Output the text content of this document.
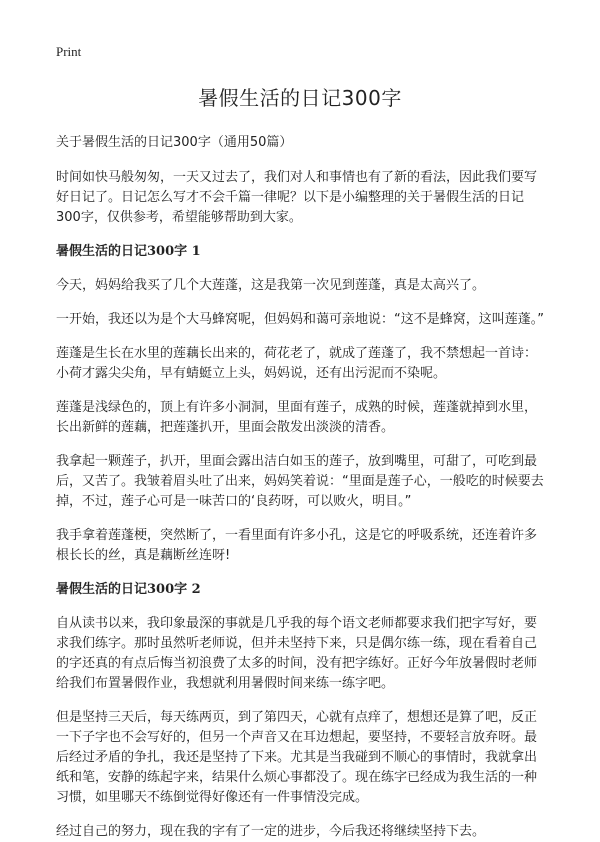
Print
暑假生活的日记300字
关于暑假生活的日记300字（通用50篇）

时间如快马般匆匆，一天又过去了，我们对人和事情也有了新的看法，因此我们要写好日记了。日记怎么写才不会千篇一律呢？以下是小编整理的关于暑假生活的日记300字，仅供参考，希望能够帮助到大家。

暑假生活的日记300字 1

今天，妈妈给我买了几个大莲蓬，这是我第一次见到莲蓬，真是太高兴了。

一开始，我还以为是个大马蜂窝呢，但妈妈和蔼可亲地说：“这不是蜂窝，这叫莲蓬。”

莲蓬是生长在水里的莲藕长出来的，荷花老了，就成了莲蓬了，我不禁想起一首诗：小荷才露尖尖角，早有蜻蜓立上头，妈妈说，还有出污泥而不染呢。

莲蓬是浅绿色的，顶上有许多小洞洞，里面有莲子，成熟的时候，莲蓬就掉到水里，长出新鲜的莲藕，把莲蓬扒开，里面会散发出淡淡的清香。

我拿起一颗莲子，扒开，里面会露出洁白如玉的莲子，放到嘴里，可甜了，可吃到最后，又苦了。我皱着眉头吐了出来，妈妈笑着说：“里面是莲子心，一般吃的时候要去掉，不过，莲子心可是一味苦口的‘良药呀，可以败火，明目。”

我手拿着莲蓬梗，突然断了，一看里面有许多小孔，这是它的呼吸系统，还连着许多根长长的丝，真是藕断丝连呀!

暑假生活的日记300字 2

自从读书以来，我印象最深的事就是几乎我的每个语文老师都要求我们把字写好，要求我们练字。那时虽然听老师说，但并未坚持下来，只是偶尔练一练，现在看着自己的字还真的有点后悔当初浪费了太多的时间，没有把字练好。正好今年放暑假时老师给我们布置暑假作业，我想就利用暑假时间来练一练字吧。

但是坚持三天后，每天练两页，到了第四天，心就有点痒了，想想还是算了吧，反正一下子字也不会写好的，但另一个声音又在耳边想起，要坚持，不要轻言放弃呀。最后经过矛盾的争扎，我还是坚持了下来。尤其是当我碰到不顺心的事情时，我就拿出纸和笔，安静的练起字来，结果什么烦心事都没了。现在练字已经成为我生活的一种习惯，如里哪天不练倒觉得好像还有一件事情没完成。

经过自己的努力，现在我的字有了一定的进步，今后我还将继续坚持下去。
